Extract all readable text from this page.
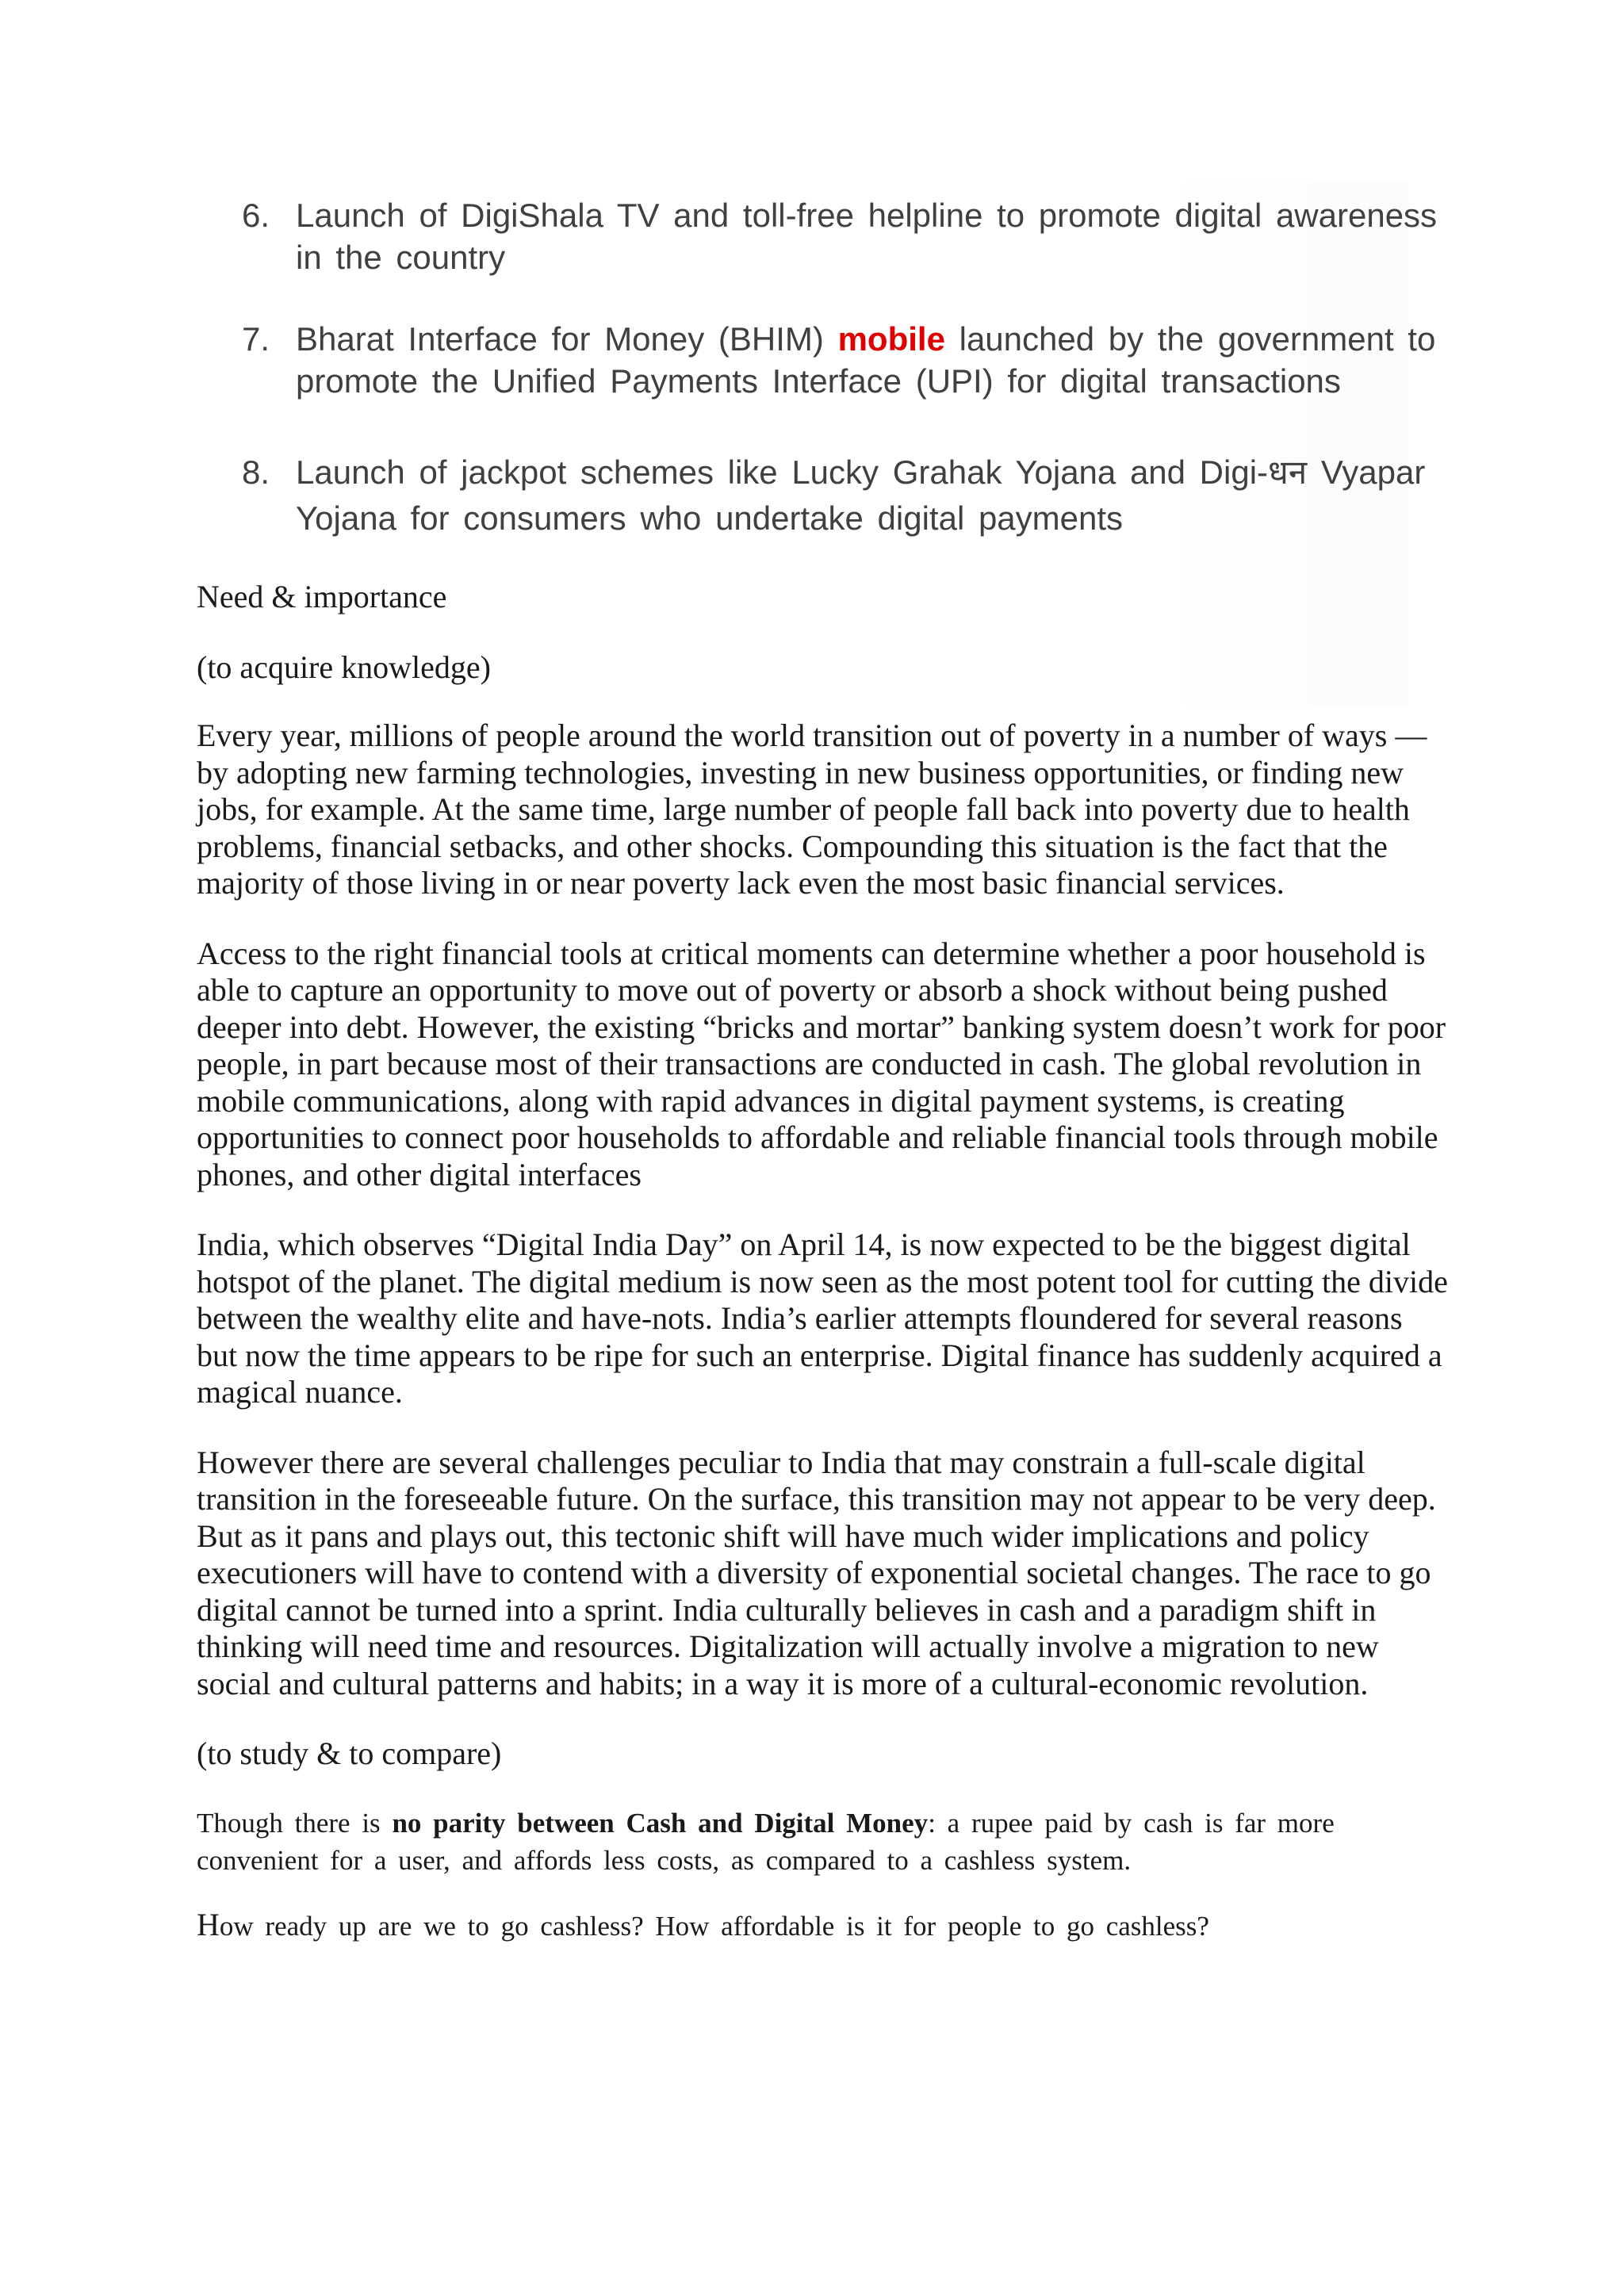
6. Launch of DigiShala TV and toll-free helpline to promote digital awareness in the country
7. Bharat Interface for Money (BHIM) mobile launched by the government to promote the Unified Payments Interface (UPI) for digital transactions
8. Launch of jackpot schemes like Lucky Grahak Yojana and Digi-धन Vyapar Yojana for consumers who undertake digital payments

Need & importance

(to acquire knowledge)

Every year, millions of people around the world transition out of poverty in a number of ways — by adopting new farming technologies, investing in new business opportunities, or finding new jobs, for example. At the same time, large number of people fall back into poverty due to health problems, financial setbacks, and other shocks. Compounding this situation is the fact that the majority of those living in or near poverty lack even the most basic financial services.

Access to the right financial tools at critical moments can determine whether a poor household is able to capture an opportunity to move out of poverty or absorb a shock without being pushed deeper into debt. However, the existing “bricks and mortar” banking system doesn’t work for poor people, in part because most of their transactions are conducted in cash. The global revolution in mobile communications, along with rapid advances in digital payment systems, is creating opportunities to connect poor households to affordable and reliable financial tools through mobile phones, and other digital interfaces

India, which observes “Digital India Day” on April 14, is now expected to be the biggest digital hotspot of the planet. The digital medium is now seen as the most potent tool for cutting the divide between the wealthy elite and have-nots. India’s earlier attempts floundered for several reasons but now the time appears to be ripe for such an enterprise. Digital finance has suddenly acquired a magical nuance.

However there are several challenges peculiar to India that may constrain a full-scale digital transition in the foreseeable future. On the surface, this transition may not appear to be very deep. But as it pans and plays out, this tectonic shift will have much wider implications and policy executioners will have to contend with a diversity of exponential societal changes. The race to go digital cannot be turned into a sprint. India culturally believes in cash and a paradigm shift in thinking will need time and resources. Digitalization will actually involve a migration to new social and cultural patterns and habits; in a way it is more of a cultural-economic revolution.

(to study & to compare)

Though there is no parity between Cash and Digital Money: a rupee paid by cash is far more convenient for a user, and affords less costs, as compared to a cashless system.

How ready up are we to go cashless? How affordable is it for people to go cashless?
